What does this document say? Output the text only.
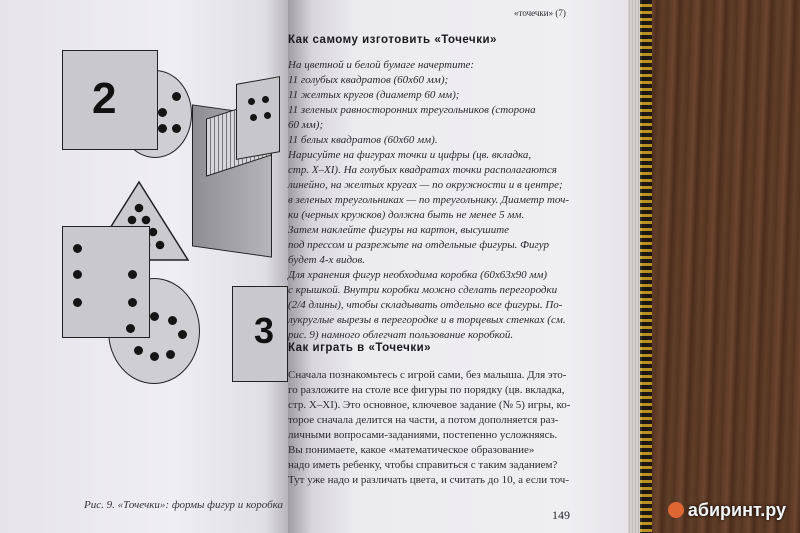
2
3
Рис. 9. «Точечки»: формы фигур и коробка
«точечки» (7)
Как самому изготовить «Точечки»
На цветной и белой бумаге начертите:
11 голубых квадратов (60х60 мм);
11 желтых кругов (диаметр 60 мм);
11 зеленых равносторонних треугольников (сторона
60 мм);
11 белых квадратов (60х60 мм).
Нарисуйте на фигурах точки и цифры (цв. вкладка,
стр. X–XI). На голубых квадратах точки располагаются
линейно, на желтых кругах — по окружности и в центре;
в зеленых треугольниках — по треугольнику. Диаметр точ-
ки (черных кружков) должна быть не менее 5 мм.
Затем наклейте фигуры на картон, высушите
под прессом и разрежьте на отдельные фигуры. Фигур
будет 4-х видов.
Для хранения фигур необходима коробка (60х63х90 мм)
с крышкой. Внутри коробки можно сделать перегородки
(2/4 длины), чтобы складывать отдельно все фигуры. По-
лукруглые вырезы в перегородке и в торцевых стенках (см.
рис. 9) намного облегчат пользование коробкой.
Как играть в «Точечки»
Сначала познакомьтесь с игрой сами, без малыша. Для это-
го разложите на столе все фигуры по порядку (цв. вкладка,
стр. X–XI). Это основное, ключевое задание (№ 5) игры, ко-
торое сначала делится на части, а потом дополняется раз-
личными вопросами-заданиями, постепенно усложняясь.
Вы понимаете, какое «математическое образование»
надо иметь ребенку, чтобы справиться с таким заданием?
Тут уже надо и различать цвета, и считать до 10, а если точ-
149	абиринт.ру
